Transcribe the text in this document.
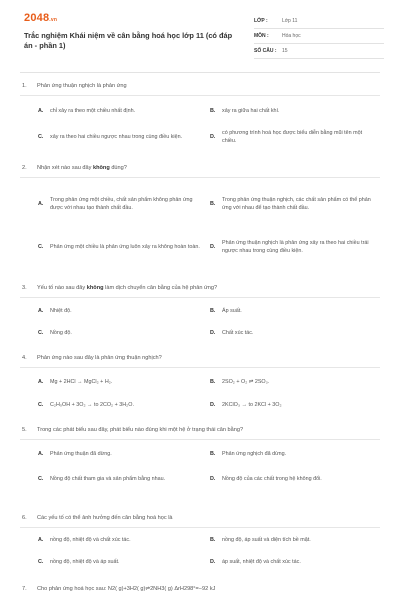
2048.vn
Trắc nghiệm Khái niệm về cân bằng hoá học lớp 11 (có đáp án - phần 1)
LỚP :	Lớp 11
MÔN :	Hóa học
SỐ CÂU :	15
1. Phản ứng thuận nghịch là phản ứng
A.	chỉ xảy ra theo một chiều nhất định.	B.	xảy ra giữa hai chất khí.
C.	xảy ra theo hai chiều ngược nhau trong cùng điều kiện.	D.
có phương trình hoá học được biểu diễn bằng mũi tên một chiều.
2. Nhận xét nào sau đây không đúng?
A.
Trong phản ứng một chiều, chất sản phẩm không phản ứng được với nhau tạo thành chất đầu.
B.
Trong phản ứng thuận nghịch, các chất sản phẩm có thể phản ứng với nhau để tạo thành chất đầu.
C.	Phản ứng một chiều là phản ứng luôn xảy ra không hoàn toàn.	D.
Phản ứng thuận nghịch là phản ứng xảy ra theo hai chiều trái ngược nhau trong cùng điều kiện.
3. Yếu tố nào sau đây không làm dịch chuyển cân bằng của hệ phản ứng?
A.	Nhiệt độ.	B.	Áp suất.
C.	Nồng độ.	D.	Chất xúc tác.
4. Phản ứng nào sau đây là phản ứng thuận nghịch?
A.	Mg + 2HCl → MgCl₂ + H₂.	B.	2SO₂ + O₂ ⇌ 2SO₃.
C.	C₂H₅OH + 3O₂ → to 2CO₂ + 3H₂O.	D.	2KClO₃ → to 2KCl + 3O₂
5. Trong các phát biểu sau đây, phát biểu nào đúng khi một hệ ở trạng thái cân bằng?
A.	Phản ứng thuận đã dừng.	B.	Phản ứng nghịch đã dừng.
C.	Nồng độ chất tham gia và sản phẩm bằng nhau.	D.	Nồng độ của các chất trong hệ không đổi.
6. Các yếu tố có thể ảnh hưởng đến cân bằng hoá học là
A.	nồng độ, nhiệt độ và chất xúc tác.	B.	nồng độ, áp suất và diện tích bề mặt.
C.	nồng độ, nhiệt độ và áp suất.	D.	áp suất, nhiệt độ và chất xúc tác.
7. Cho phản ứng hoá học sau: N2( g)+3H2( g)⇌2NH3( g) ΔrH298°=−92 kJ
